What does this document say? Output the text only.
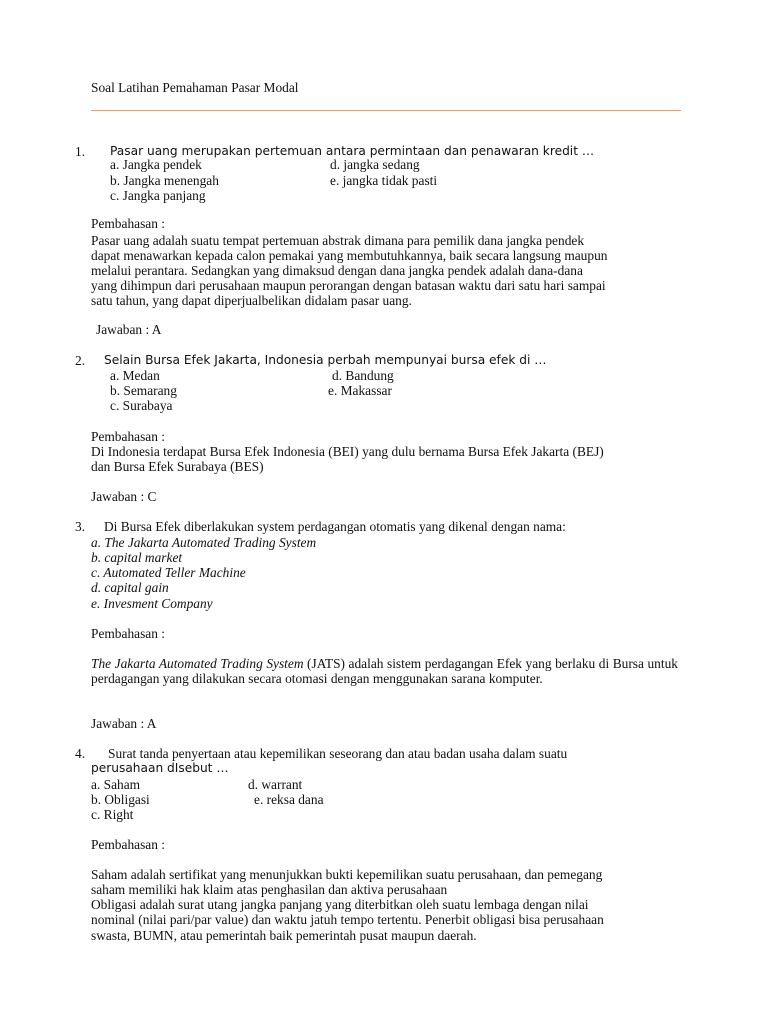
Soal Latihan Pemahaman Pasar Modal
1. Pasar uang merupakan pertemuan antara permintaan dan penawaran kredit …
a. Jangka pendek	d. jangka sedang
b. Jangka menengah	e. jangka tidak pasti
c. Jangka panjang
Pembahasan :
Pasar uang adalah suatu tempat pertemuan abstrak dimana para pemilik dana jangka pendek
dapat menawarkan kepada calon pemakai yang membutuhkannya, baik secara langsung maupun
melalui perantara. Sedangkan yang dimaksud dengan dana jangka pendek adalah dana-dana
yang dihimpun dari perusahaan maupun perorangan dengan batasan waktu dari satu hari sampai
satu tahun, yang dapat diperjualbelikan didalam pasar uang.
Jawaban : A
2. Selain Bursa Efek Jakarta, Indonesia perbah mempunyai bursa efek di …
a. Medan	d. Bandung
b. Semarang	e. Makassar
c. Surabaya
Pembahasan :
Di Indonesia terdapat Bursa Efek Indonesia (BEI) yang dulu bernama Bursa Efek Jakarta (BEJ)
dan Bursa Efek Surabaya (BES)
Jawaban : C
3. Di Bursa Efek diberlakukan system perdagangan otomatis yang dikenal dengan nama:
a. The Jakarta Automated Trading System
b. capital market
c. Automated Teller Machine
d. capital gain
e. Invesment Company
Pembahasan :
The Jakarta Automated Trading System (JATS) adalah sistem perdagangan Efek yang berlaku di Bursa untuk perdagangan yang dilakukan secara otomasi dengan menggunakan sarana komputer.
Jawaban : A
4. Surat tanda penyertaan atau kepemilikan seseorang dan atau badan usaha dalam suatu
perusahaan dIsebut …
a. Saham	d. warrant
b. Obligasi	e. reksa dana
c. Right
Pembahasan :
Saham adalah sertifikat yang menunjukkan bukti kepemilikan suatu perusahaan, dan pemegang
saham memiliki hak klaim atas penghasilan dan aktiva perusahaan
Obligasi adalah surat utang jangka panjang yang diterbitkan oleh suatu lembaga dengan nilai
nominal (nilai pari/par value) dan waktu jatuh tempo tertentu. Penerbit obligasi bisa perusahaan
swasta, BUMN, atau pemerintah baik pemerintah pusat maupun daerah.
